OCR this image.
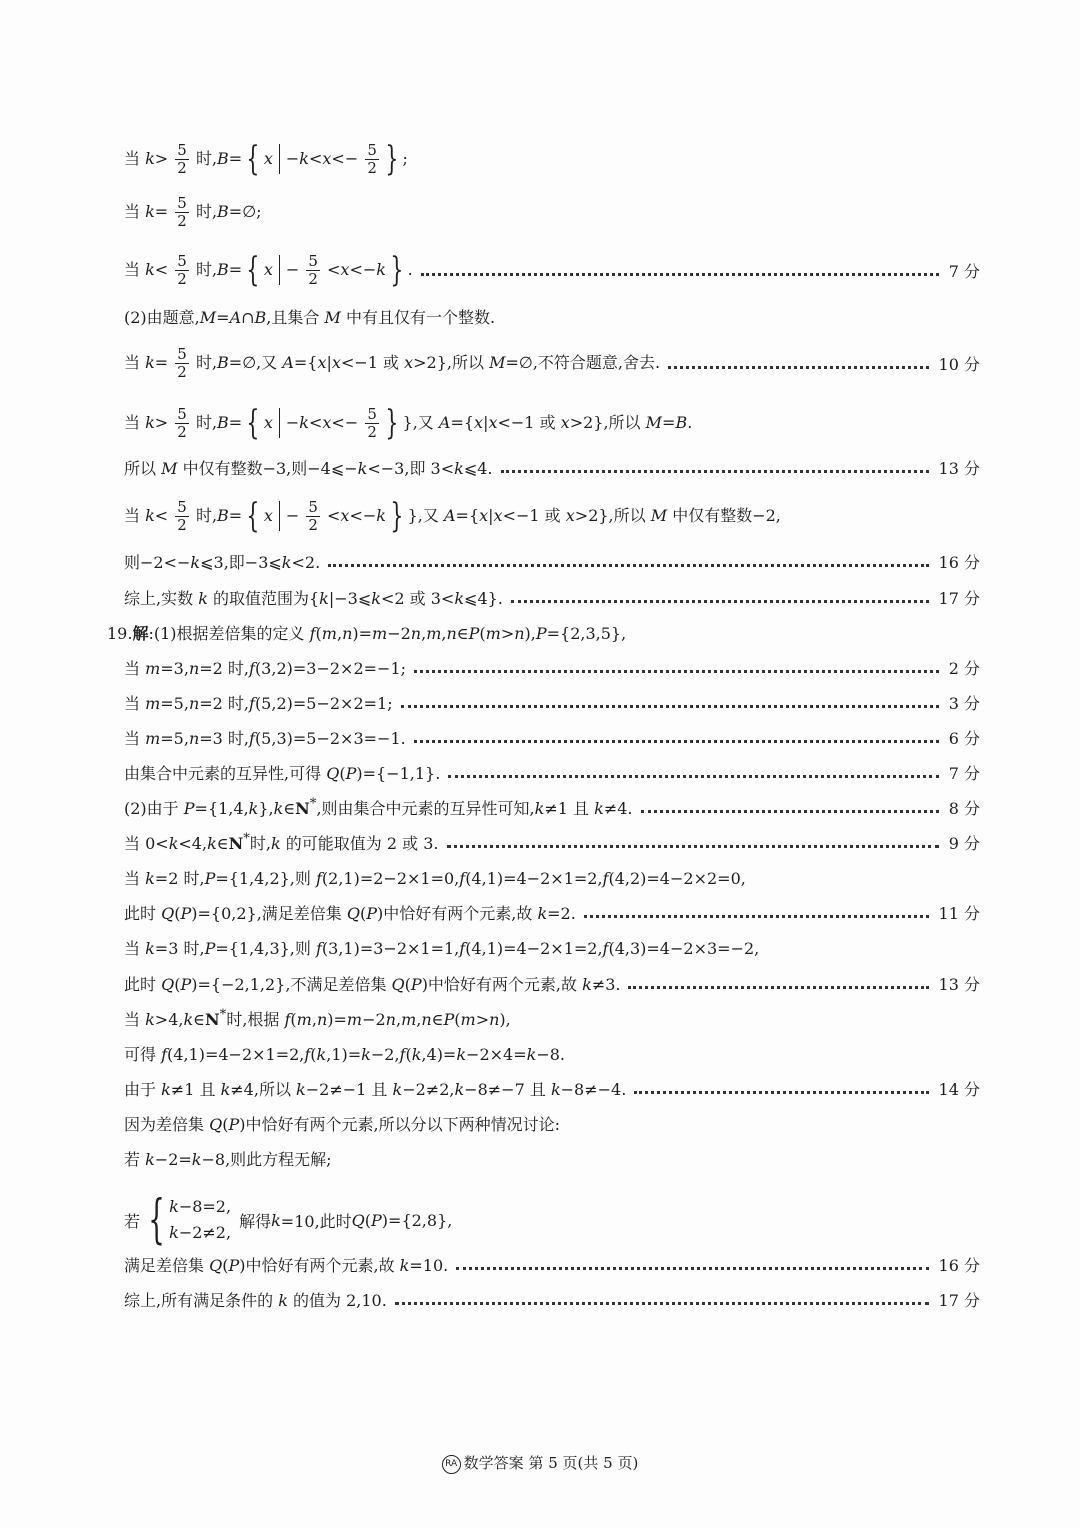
当 $k> \frac{5}{2}$ 时,B= { $x -k<x<- \frac{5}{2}$ } ;
当 $k= \frac{5}{2}$ 时,B=∅;
当 $k< \frac{5}{2}$ 时,B= { $x - \frac{5}{2} <x<-k$ } .	7 分
(2)由题意,M=A∩B,且集合 M 中有且仅有一个整数.
当 $k= \frac{5}{2}$ 时,B=∅,又 A={x|x<−1 或 x>2},所以 M=∅,不符合题意,舍去.	10 分
当 $k> \frac{5}{2}$ 时,B= { $x -k<x<- \frac{5}{2}$ } },又 A={x|x<−1 或 x>2},所以 M=B.
所以 M 中仅有整数−3,则−4⩽−k<−3,即 3<k⩽4.	13 分
当 $k< \frac{5}{2}$ 时,B= { $x - \frac{5}{2} <x<-k$ } },又 A={x|x<−1 或 x>2},所以 M 中仅有整数−2,
则−2<−k⩽3,即−3⩽k<2.	16 分
综上,实数 k 的取值范围为{k|−3⩽k<2 或 3<k⩽4}.	17 分
19.解:(1)根据差倍集的定义 f(m,n)=m−2n,m,n∈P(m>n),P={2,3,5},
当 m=3,n=2 时,f(3,2)=3−2×2=−1;	2 分
当 m=5,n=2 时,f(5,2)=5−2×2=1;	3 分
当 m=5,n=3 时,f(5,3)=5−2×3=−1.	6 分
由集合中元素的互异性,可得 Q(P)={−1,1}.	7 分
(2)由于 P={1,4,k},k∈N*,则由集合中元素的互异性可知,k≠1 且 k≠4.	8 分
当 0<k<4,k∈N*时,k 的可能取值为 2 或 3.	9 分
当 k=2 时,P={1,4,2},则 f(2,1)=2−2×1=0,f(4,1)=4−2×1=2,f(4,2)=4−2×2=0,
此时 Q(P)={0,2},满足差倍集 Q(P)中恰好有两个元素,故 k=2.	11 分
当 k=3 时,P={1,4,3},则 f(3,1)=3−2×1=1,f(4,1)=4−2×1=2,f(4,3)=4−2×3=−2,
此时 Q(P)={−2,1,2},不满足差倍集 Q(P)中恰好有两个元素,故 k≠3.	13 分
当 k>4,k∈N*时,根据 f(m,n)=m−2n,m,n∈P(m>n),
可得 f(4,1)=4−2×1=2,f(k,1)=k−2,f(k,4)=k−2×4=k−8.
由于 k≠1 且 k≠4,所以 k−2≠−1 且 k−2≠2,k−8≠−7 且 k−8≠−4.	14 分
因为差倍集 Q(P)中恰好有两个元素,所以分以下两种情况讨论:
若 k−2=k−8,则此方程无解;
若 { k−8=2,
k−2≠2,
解得 k =10,此时 Q ( P )={2,8},
满足差倍集 Q(P)中恰好有两个元素,故 k=10.	16 分
综上,所有满足条件的 k 的值为 2,10.	17 分
RA 数学答案 第 5 页(共 5 页)
